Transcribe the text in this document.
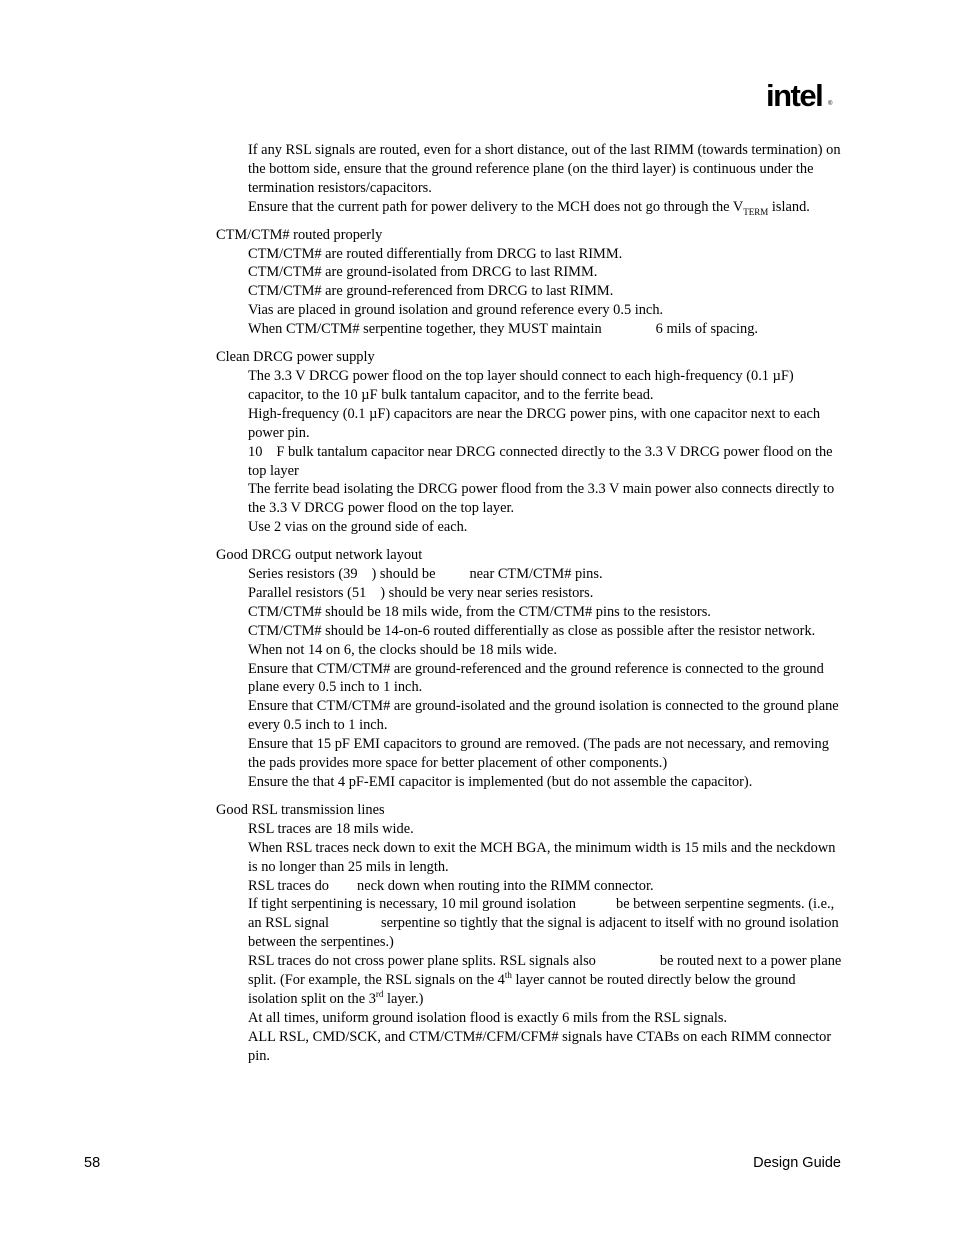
intel ®
If any RSL signals are routed, even for a short distance, out of the last RIMM (towards termination) on the bottom side, ensure that the ground reference plane (on the third layer) is continuous under the termination resistors/capacitors.
Ensure that the current path for power delivery to the MCH does not go through the $V_{TERM}$ island.
CTM/CTM# routed properly
CTM/CTM# are routed differentially from DRCG to last RIMM.
CTM/CTM# are ground-isolated from DRCG to last RIMM.
CTM/CTM# are ground-referenced from DRCG to last RIMM.
Vias are placed in ground isolation and ground reference every 0.5 inch.
When CTM/CTM# serpentine together, they MUST maintain	6 mils of spacing.
Clean DRCG power supply
The 3.3 V DRCG power flood on the top layer should connect to each high-frequency (0.1 µF) capacitor, to the 10 µF bulk tantalum capacitor, and to the ferrite bead.
High-frequency (0.1 µF) capacitors are near the DRCG power pins, with one capacitor next to each power pin.
10 F bulk tantalum capacitor near DRCG connected directly to the 3.3 V DRCG power flood on the top layer
The ferrite bead isolating the DRCG power flood from the 3.3 V main power also connects directly to the 3.3 V DRCG power flood on the top layer.
Use 2 vias on the ground side of each.
Good DRCG output network layout
Series resistors (39 ) should be near CTM/CTM# pins.
Parallel resistors (51 ) should be very near series resistors.
CTM/CTM# should be 18 mils wide, from the CTM/CTM# pins to the resistors.
CTM/CTM# should be 14-on-6 routed differentially as close as possible after the resistor network.
When not 14 on 6, the clocks should be 18 mils wide.
Ensure that CTM/CTM# are ground-referenced and the ground reference is connected to the ground plane every 0.5 inch to 1 inch.
Ensure that CTM/CTM# are ground-isolated and the ground isolation is connected to the ground plane every 0.5 inch to 1 inch.
Ensure that 15 pF EMI capacitors to ground are removed. (The pads are not necessary, and removing the pads provides more space for better placement of other components.)
Ensure the that 4 pF-EMI capacitor is implemented (but do not assemble the capacitor).
Good RSL transmission lines
RSL traces are 18 mils wide.
When RSL traces neck down to exit the MCH BGA, the minimum width is 15 mils and the neckdown is no longer than 25 mils in length.
RSL traces do neck down when routing into the RIMM connector.
If tight serpentining is necessary, 10 mil ground isolation	be between serpentine segments. (i.e., an RSL signal	serpentine so tightly that the signal is adjacent to itself with no ground isolation between the serpentines.)
RSL traces do not cross power plane splits. RSL signals also	be routed next to a power plane split. (For example, the RSL signals on the 4th layer cannot be routed directly below the ground isolation split on the 3rd layer.)
At all times, uniform ground isolation flood is exactly 6 mils from the RSL signals.
ALL RSL, CMD/SCK, and CTM/CTM#/CFM/CFM# signals have CTABs on each RIMM connector pin.
58	Design Guide
